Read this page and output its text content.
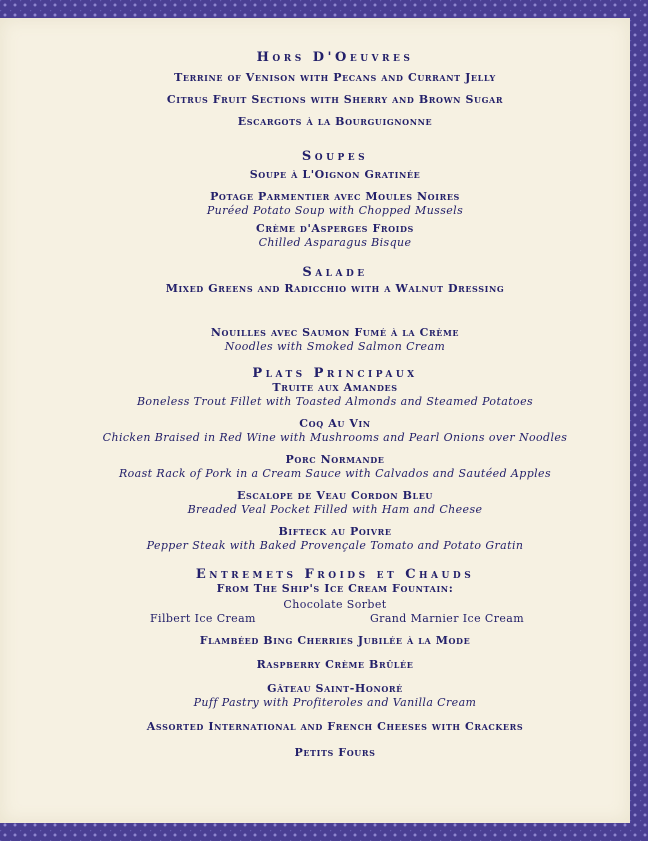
Hors D'Oeuvres
Terrine of Venison with Pecans and Currant Jelly
Citrus Fruit Sections with Sherry and Brown Sugar
Escargots à la Bourguignonne
Soupes
Soupe à L'Oignon Gratinée
Potage Parmentier avec Moules Noires
Puréed Potato Soup with Chopped Mussels
Crème d'Asperges Froids
Chilled Asparagus Bisque
Salade
Mixed Greens and Radicchio with a Walnut Dressing
Nouilles avec Saumon Fumé à la Crème
Noodles with Smoked Salmon Cream
Plats Principaux
Truite aux Amandes
Boneless Trout Fillet with Toasted Almonds and Steamed Potatoes
Coq Au Vin
Chicken Braised in Red Wine with Mushrooms and Pearl Onions over Noodles
Porc Normande
Roast Rack of Pork in a Cream Sauce with Calvados and Sautéed Apples
Escalope de Veau Cordon Bleu
Breaded Veal Pocket Filled with Ham and Cheese
Bifteck au Poivre
Pepper Steak with Baked Provençale Tomato and Potato Gratin
Entremets Froids et Chauds
From The Ship's Ice Cream Fountain:
Chocolate Sorbet
Filbert Ice Cream	Grand Marnier Ice Cream
Flambéed Bing Cherries Jubilée à la Mode
Raspberry Crème Brûlée
Gâteau Saint-Honoré
Puff Pastry with Profiteroles and Vanilla Cream
Assorted International and French Cheeses with Crackers
Petits Fours
